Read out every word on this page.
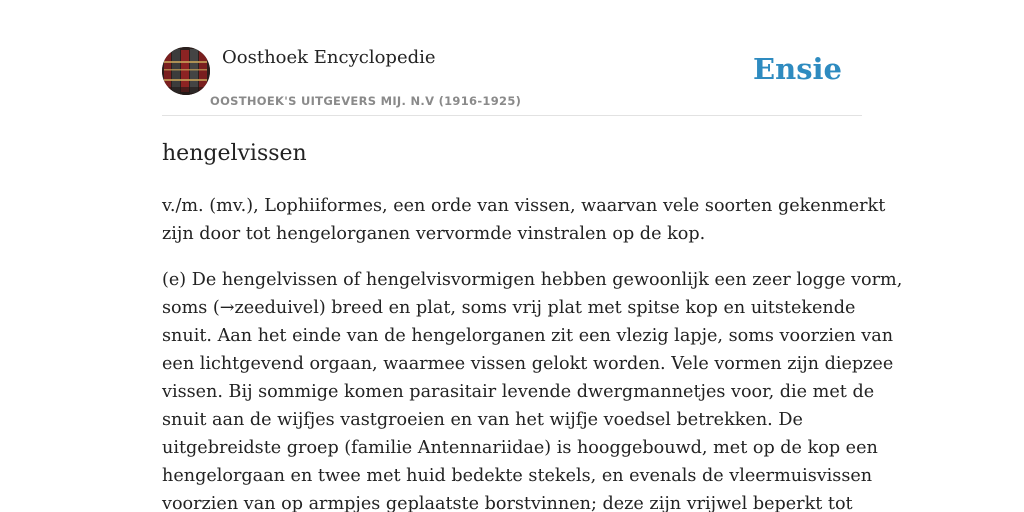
Oosthoek Encyclopedie
OOSTHOEK'S UITGEVERS MIJ. N.V (1916-1925)
Ensie
hengelvissen

v./m. (mv.), Lophiiformes, een orde van vissen, waarvan vele soorten gekenmerkt
zijn door tot hengelorganen vervormde vinstralen op de kop.

(e) De hengelvissen of hengelvisvormigen hebben gewoonlijk een zeer logge vorm,
soms (→zeeduivel) breed en plat, soms vrij plat met spitse kop en uitstekende
snuit. Aan het einde van de hengelorganen zit een vlezig lapje, soms voorzien van
een lichtgevend orgaan, waarmee vissen gelokt worden. Vele vormen zijn diepzee
vissen. Bij sommige komen parasitair levende dwergmannetjes voor, die met de
snuit aan de wijfjes vastgroeien en van het wijfje voedsel betrekken. De
uitgebreidste groep (familie Antennariidae) is hooggebouwd, met op de kop een
hengelorgaan en twee met huid bedekte stekels, en evenals de vleermuisvissen
voorzien van op armpjes geplaatste borstvinnen; deze zijn vrijwel beperkt tot
